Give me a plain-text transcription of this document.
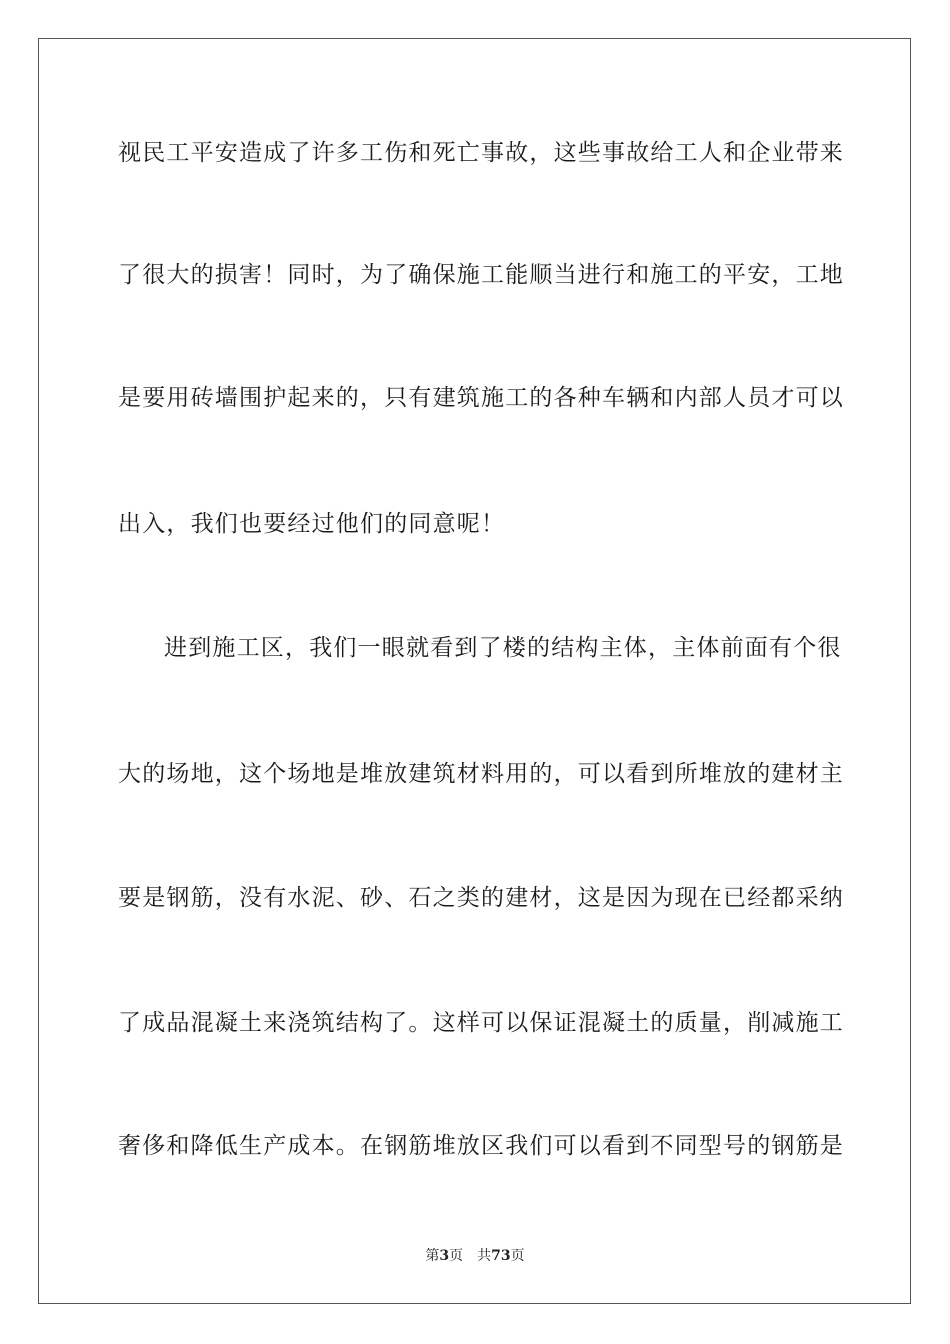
视民工平安造成了许多工伤和死亡事故，这些事故给工人和企业带来
了很大的损害！同时，为了确保施工能顺当进行和施工的平安，工地
是要用砖墙围护起来的，只有建筑施工的各种车辆和内部人员才可以
出入，我们也要经过他们的同意呢！
进到施工区，我们一眼就看到了楼的结构主体，主体前面有个很
大的场地，这个场地是堆放建筑材料用的，可以看到所堆放的建材主
要是钢筋，没有水泥、砂、石之类的建材，这是因为现在已经都采纳
了成品混凝土来浇筑结构了。这样可以保证混凝土的质量，削减施工
奢侈和降低生产成本。在钢筋堆放区我们可以看到不同型号的钢筋是
第3页 共73页
